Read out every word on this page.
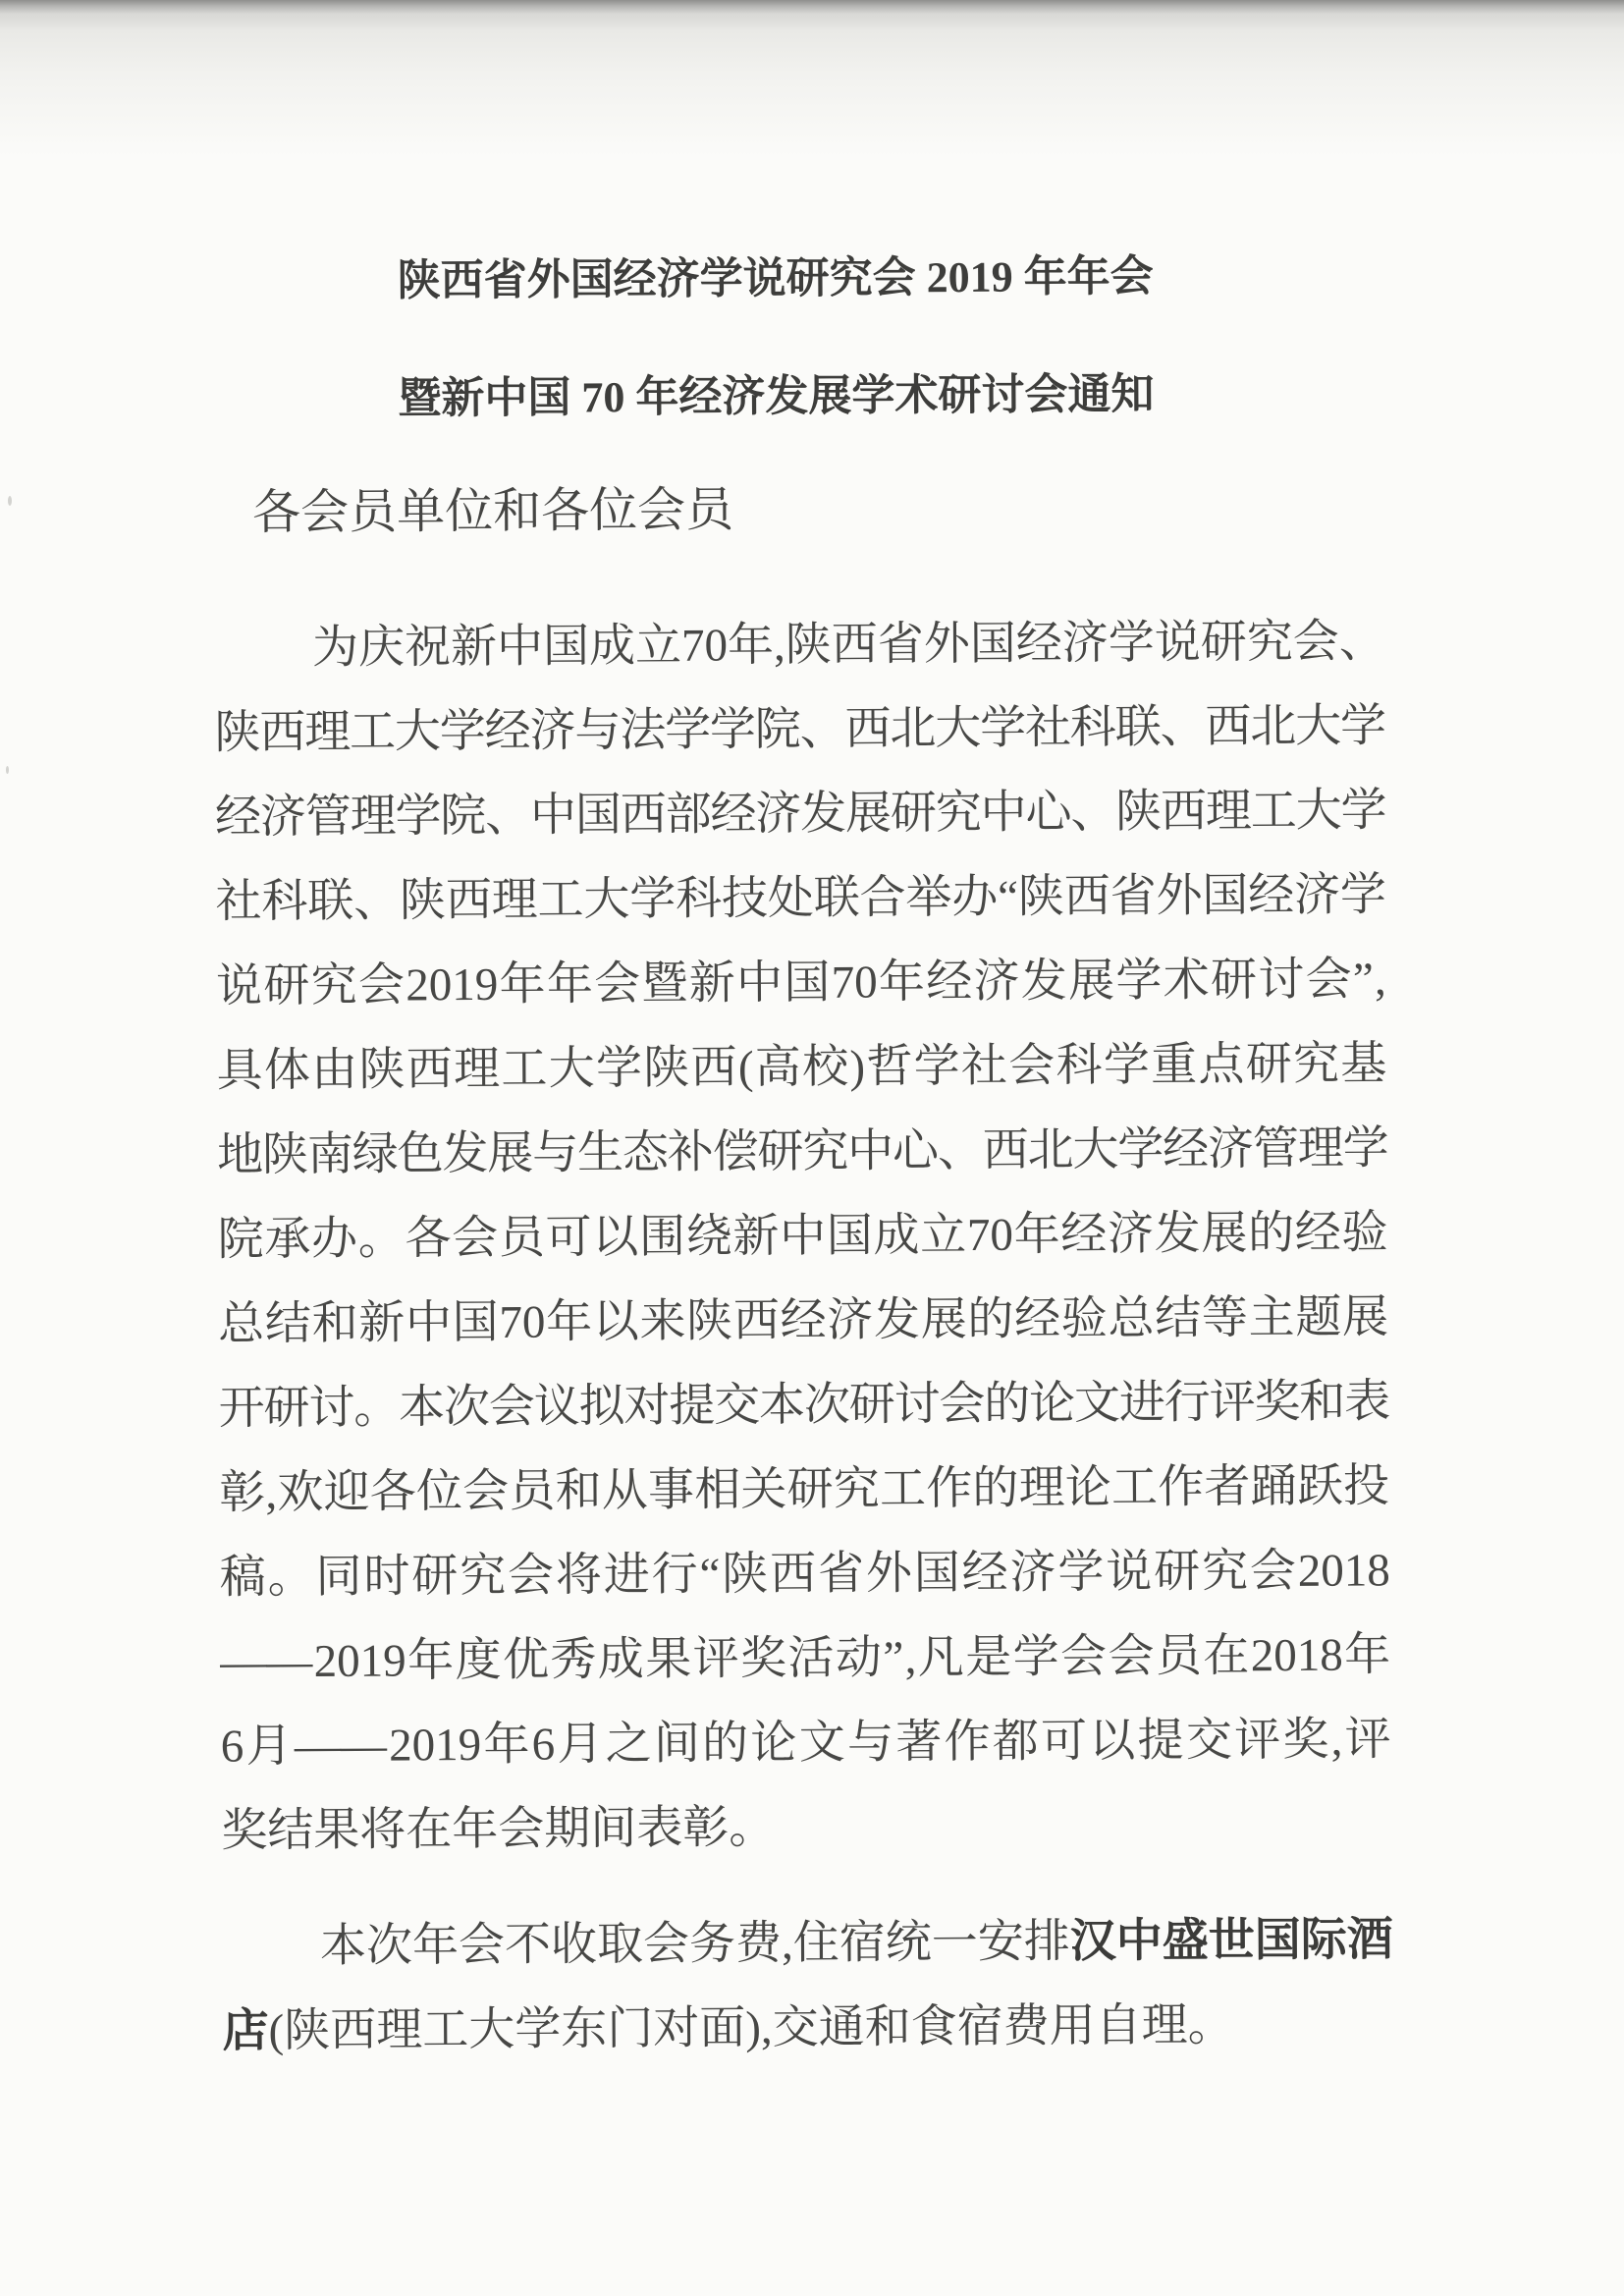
陕西省外国经济学说研究会 2019 年年会
暨新中国 70 年经济发展学术研讨会通知
各会员单位和各位会员
为 庆 祝 新 中 国 成 立 70 年 , 陕 西 省 外 国 经 济 学 说 研 究 会 、
陕 西 理 工 大 学 经 济 与 法 学 学 院 、 西 北 大 学 社 科 联 、 西 北 大 学
经 济 管 理 学 院 、 中 国 西 部 经 济 发 展 研 究 中 心 、 陕 西 理 工 大 学
社 科 联 、 陕 西 理 工 大 学 科 技 处 联 合 举 办 “ 陕 西 省 外 国 经 济 学
说 研 究 会 2019 年 年 会 暨 新 中 国 70 年 经 济 发 展 学 术 研 讨 会 ” ,
具 体 由 陕 西 理 工 大 学 陕 西 ( 高 校 ) 哲 学 社 会 科 学 重 点 研 究 基
地 陕 南 绿 色 发 展 与 生 态 补 偿 研 究 中 心 、 西 北 大 学 经 济 管 理 学
院 承 办 。 各 会 员 可 以 围 绕 新 中 国 成 立 70 年 经 济 发 展 的 经 验
总 结 和 新 中 国 70 年 以 来 陕 西 经 济 发 展 的 经 验 总 结 等 主 题 展
开 研 讨 。 本 次 会 议 拟 对 提 交 本 次 研 讨 会 的 论 文 进 行 评 奖 和 表
彰 , 欢 迎 各 位 会 员 和 从 事 相 关 研 究 工 作 的 理 论 工 作 者 踊 跃 投
稿 。 同 时 研 究 会 将 进 行 “ 陕 西 省 外 国 经 济 学 说 研 究 会 2018
—— 2019 年 度 优 秀 成 果 评 奖 活 动 ” , 凡 是 学 会 会 员 在 2018 年
6 月 —— 2019 年 6 月 之 间 的 论 文 与 著 作 都 可 以 提 交 评 奖 , 评
奖结果将在年会期间表彰。
本 次 年 会 不 收 取 会 务 费 , 住 宿 统 一 安 排 汉 中 盛 世 国 际 酒
店(陕西理工大学东门对面),交通和食宿费用自理。
